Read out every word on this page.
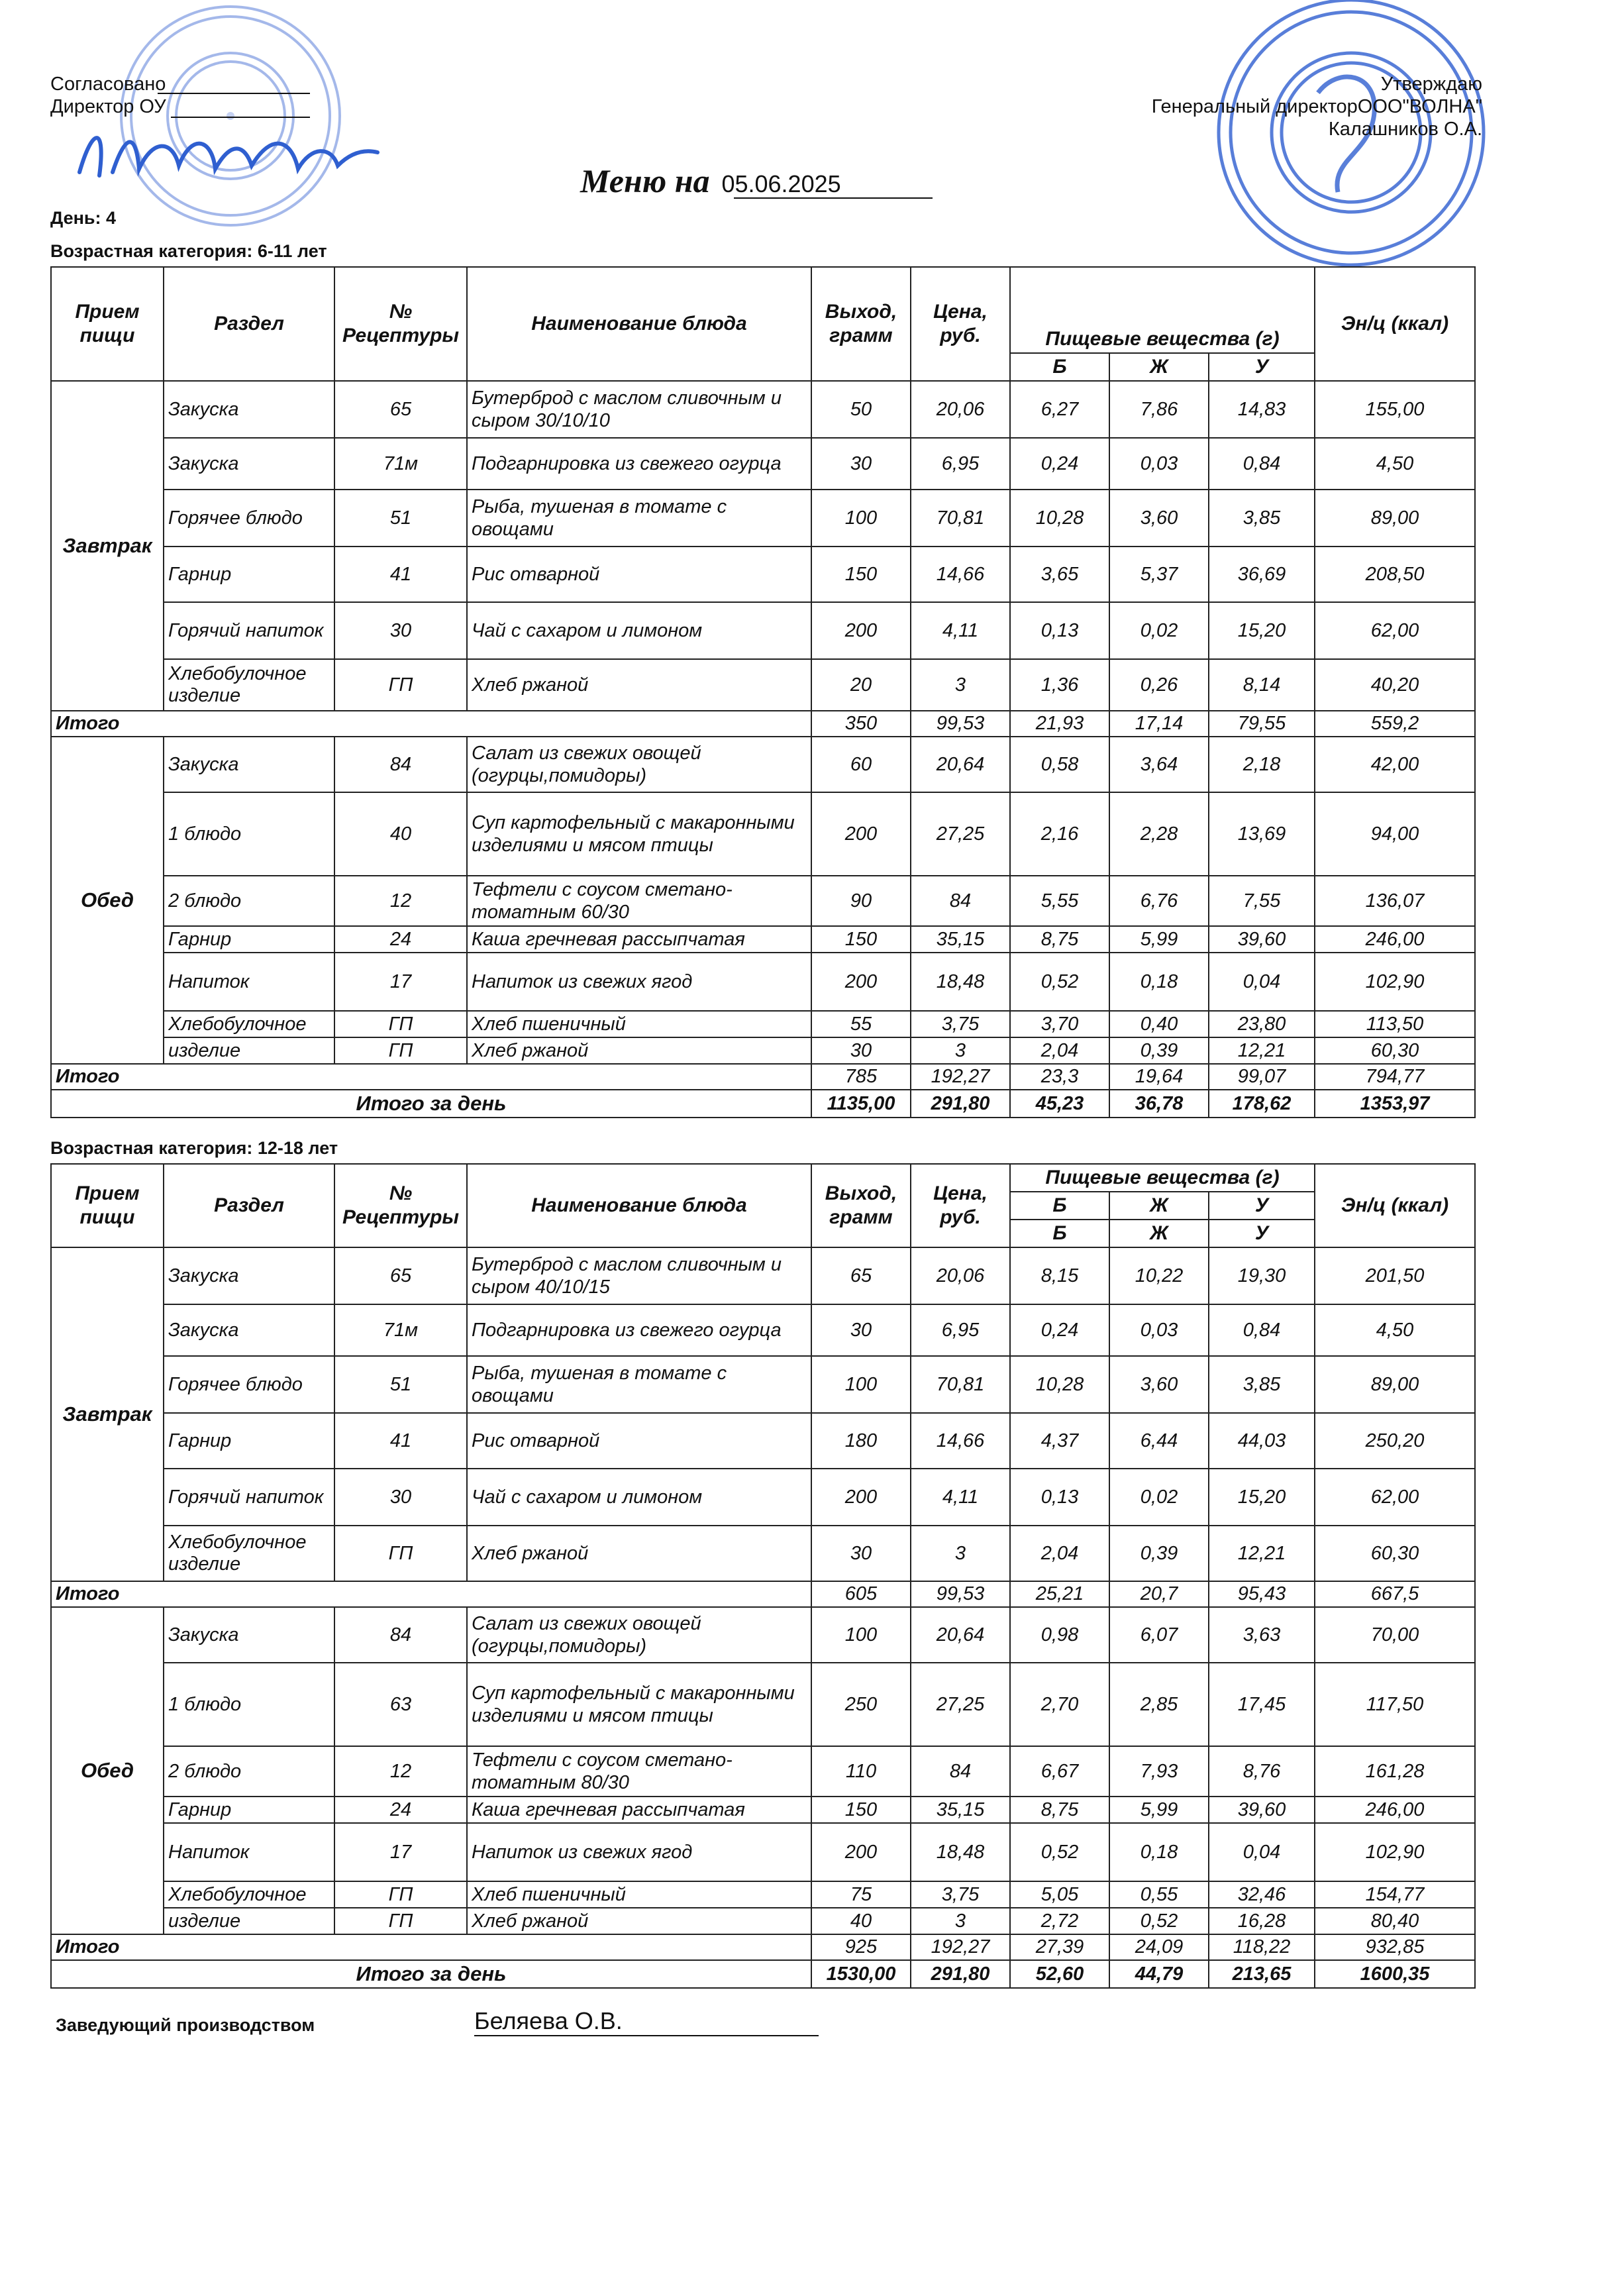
Согласовано
Директор ОУ
Утверждаю
Генеральный директорООО"ВОЛНА"
Калашников О.А.
Меню на 05.06.2025
День: 4
Возрастная категория: 6-11 лет
Прием пищи	Раздел	№ Рецептуры	Наименование блюда	Выход, грамм	Цена, руб.	Пищевые вещества (г)			Эн/ц (ккал)
						Б	Ж	У	
Завтрак	Закуска	65	Бутерброд с маслом сливочным и сыром 30/10/10	50	20,06	6,27	7,86	14,83	155,00
	Закуска	71м	Подгарнировка из свежего огурца	30	6,95	0,24	0,03	0,84	4,50
	Горячее блюдо	51	Рыба, тушеная в томате с овощами	100	70,81	10,28	3,60	3,85	89,00
	Гарнир	41	Рис отварной	150	14,66	3,65	5,37	36,69	208,50
	Горячий напиток	30	Чай с сахаром и лимоном	200	4,11	0,13	0,02	15,20	62,00
	Хлебобулочное изделие	ГП	Хлеб ржаной	20	3	1,36	0,26	8,14	40,20
Итого				350	99,53	21,93	17,14	79,55	559,2
Обед	Закуска	84	Салат из свежих овощей (огурцы,помидоры)	60	20,64	0,58	3,64	2,18	42,00
	1 блюдо	40	Суп картофельный с макаронными изделиями и мясом птицы	200	27,25	2,16	2,28	13,69	94,00
	2 блюдо	12	Тефтели с соусом сметано-томатным 60/30	90	84	5,55	6,76	7,55	136,07
	Гарнир	24	Каша гречневая рассыпчатая	150	35,15	8,75	5,99	39,60	246,00
	Напиток	17	Напиток из свежих ягод	200	18,48	0,52	0,18	0,04	102,90
	Хлебобулочное	ГП	Хлеб пшеничный	55	3,75	3,70	0,40	23,80	113,50
	изделие	ГП	Хлеб ржаной	30	3	2,04	0,39	12,21	60,30
Итого				785	192,27	23,3	19,64	99,07	794,77
Итого за день				1135,00	291,80	45,23	36,78	178,62	1353,97
Возрастная категория: 12-18 лет
Прием пищи	Раздел	№ Рецептуры	Наименование блюда	Выход, грамм	Цена, руб.	Пищевые вещества (г)			Эн/ц (ккал)
						Б	Ж	У	
						Б	Ж	У	
Завтрак	Закуска	65	Бутерброд с маслом сливочным и сыром 40/10/15	65	20,06	8,15	10,22	19,30	201,50
	Закуска	71м	Подгарнировка из свежего огурца	30	6,95	0,24	0,03	0,84	4,50
	Горячее блюдо	51	Рыба, тушеная в томате с овощами	100	70,81	10,28	3,60	3,85	89,00
	Гарнир	41	Рис отварной	180	14,66	4,37	6,44	44,03	250,20
	Горячий напиток	30	Чай с сахаром и лимоном	200	4,11	0,13	0,02	15,20	62,00
	Хлебобулочное изделие	ГП	Хлеб ржаной	30	3	2,04	0,39	12,21	60,30
Итого				605	99,53	25,21	20,7	95,43	667,5
Обед	Закуска	84	Салат из свежих овощей (огурцы,помидоры)	100	20,64	0,98	6,07	3,63	70,00
	1 блюдо	63	Суп картофельный с макаронными изделиями и мясом птицы	250	27,25	2,70	2,85	17,45	117,50
	2 блюдо	12	Тефтели с соусом сметано-томатным 80/30	110	84	6,67	7,93	8,76	161,28
	Гарнир	24	Каша гречневая рассыпчатая	150	35,15	8,75	5,99	39,60	246,00
	Напиток	17	Напиток из свежих ягод	200	18,48	0,52	0,18	0,04	102,90
	Хлебобулочное	ГП	Хлеб пшеничный	75	3,75	5,05	0,55	32,46	154,77
	изделие	ГП	Хлеб ржаной	40	3	2,72	0,52	16,28	80,40
Итого				925	192,27	27,39	24,09	118,22	932,85
Итого за день				1530,00	291,80	52,60	44,79	213,65	1600,35
Заведующий производством	Беляева О.В.
